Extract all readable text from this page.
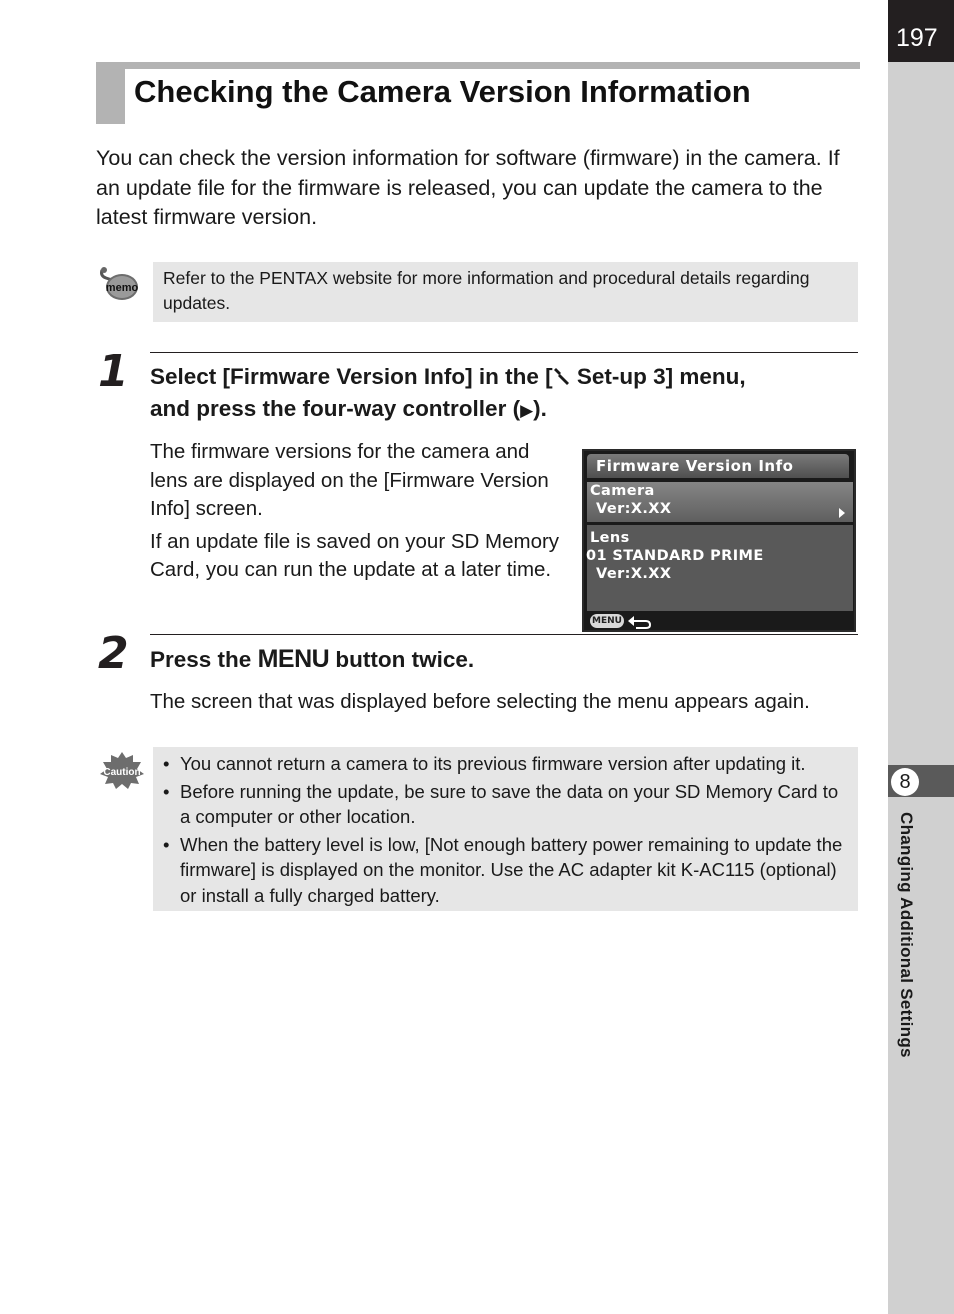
197
8
Changing Additional Settings
Checking the Camera Version Information

You can check the version information for software (firmware) in the camera. If an update file for the firmware is released, you can update the camera to the latest firmware version.

memo	Refer to the PENTAX website for more information and procedural details regarding updates.
1 Select [Firmware Version Info] in the [ Set-up 3] menu,
and press the four-way controller (▶).

The firmware versions for the camera and lens are displayed on the [Firmware Version Info] screen.

If an update file is saved on your SD Memory Card, you can run the update at a later time.

Firmware Version Info
Camera
Ver:X.XX
Lens
01 STANDARD PRIME
Ver:X.XX
MENU
2 Press the MENU button twice.

The screen that was displayed before selecting the menu appears again.

Caution
•	You cannot return a camera to its previous firmware version after updating it.
• Before running the update, be sure to save the data on your SD Memory Card to a computer or other location.
• When the battery level is low, [Not enough battery power remaining to update the firmware] is displayed on the monitor. Use the AC adapter kit K-AC115 (optional) or install a fully charged battery.
